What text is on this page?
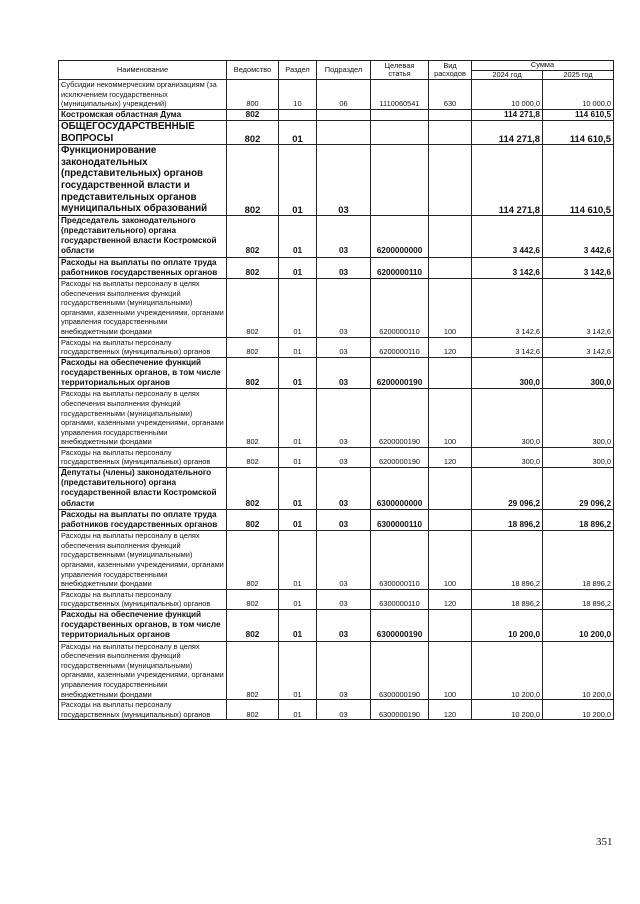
Наименование	Ведомство	Раздел	Подраздел	Целевая статья	Вид расходов	Сумма	
						2024 год	2025 год
Субсидии некоммерческим организациям (за исключением государственных (муниципальных) учреждений)	800	10	06	1110060541	630	10 000,0	10 000,0
Костромская областная Дума	802					114 271,8	114 610,5
ОБЩЕГОСУДАРСТВЕННЫЕ ВОПРОСЫ	802	01				114 271,8	114 610,5
Функционирование законодательных (представительных) органов государственной власти и представительных органов муниципальных образований	802	01	03			114 271,8	114 610,5
Председатель законодательного (представительного) органа государственной власти Костромской области	802	01	03	6200000000		3 442,6	3 442,6
Расходы на выплаты по оплате труда работников государственных органов	802	01	03	6200000110		3 142,6	3 142,6
Расходы на выплаты персоналу в целях обеспечения выполнения функций государственными (муниципальными) органами, казенными учреждениями, органами управления государственными внебюджетными фондами	802	01	03	6200000110	100	3 142,6	3 142,6
Расходы на выплаты персоналу государственных (муниципальных) органов	802	01	03	6200000110	120	3 142,6	3 142,6
Расходы на обеспечение функций государственных органов, в том числе территориальных органов	802	01	03	6200000190		300,0	300,0
Расходы на выплаты персоналу в целях обеспечения выполнения функций государственными (муниципальными) органами, казенными учреждениями, органами управления государственными внебюджетными фондами	802	01	03	6200000190	100	300,0	300,0
Расходы на выплаты персоналу государственных (муниципальных) органов	802	01	03	6200000190	120	300,0	300,0
Депутаты (члены) законодательного (представительного) органа государственной власти Костромской области	802	01	03	6300000000		29 096,2	29 096,2
Расходы на выплаты по оплате труда работников государственных органов	802	01	03	6300000110		18 896,2	18 896,2
Расходы на выплаты персоналу в целях обеспечения выполнения функций государственными (муниципальными) органами, казенными учреждениями, органами управления государственными внебюджетными фондами	802	01	03	6300000110	100	18 896,2	18 896,2
Расходы на выплаты персоналу государственных (муниципальных) органов	802	01	03	6300000110	120	18 896,2	18 896,2
Расходы на обеспечение функций государственных органов, в том числе территориальных органов	802	01	03	6300000190		10 200,0	10 200,0
Расходы на выплаты персоналу в целях обеспечения выполнения функций государственными (муниципальными) органами, казенными учреждениями, органами управления государственными внебюджетными фондами	802	01	03	6300000190	100	10 200,0	10 200,0
Расходы на выплаты персоналу государственных (муниципальных) органов	802	01	03	6300000190	120	10 200,0	10 200,0
351
